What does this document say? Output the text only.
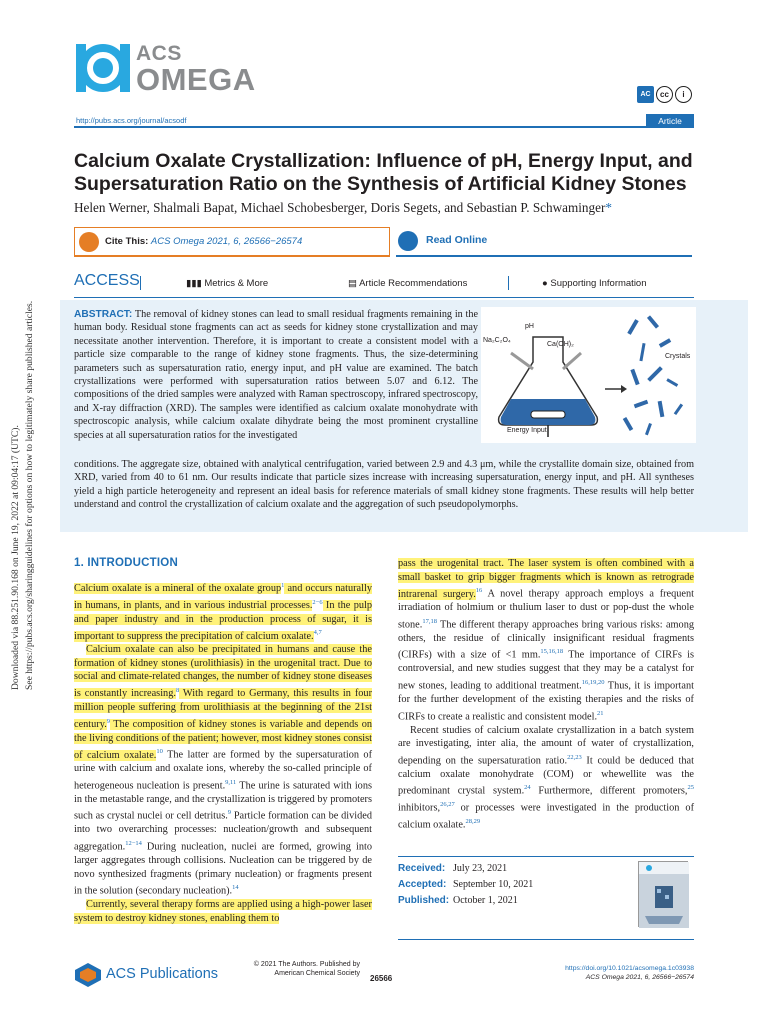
Downloaded via 88.251.90.168 on June 19, 2022 at 09:04:17 (UTC). See https://pubs.acs.org/sharingguidelines for options on how to legitimately share published articles.
ACS
OMEGA	AC	cc	i
http://pubs.acs.org/journal/acsodf	Article
Calcium Oxalate Crystallization: Influence of pH, Energy Input, and Supersaturation Ratio on the Synthesis of Artificial Kidney Stones
Helen Werner, Shalmali Bapat, Michael Schobesberger, Doris Segets, and Sebastian P. Schwaminger*
Cite This: ACS Omega 2021, 6, 26566−26574	Read Online
ACCESS	▮▮▮ Metrics & More	▤ Article Recommendations	● Supporting Information
ABSTRACT: The removal of kidney stones can lead to small residual fragments remaining in the human body. Residual stone fragments can act as seeds for kidney stone crystallization and may necessitate another intervention. Therefore, it is important to create a consistent model with a particle size comparable to the range of kidney stone fragments. Thus, the size-determining parameters such as supersaturation ratio, energy input, and pH value are examined. The batch crystallizations were performed with supersaturation ratios between 5.07 and 6.12. The compositions of the dried samples were analyzed with Raman spectroscopy, infrared spectroscopy, and X-ray diffraction (XRD). The samples were identified as calcium oxalate monohydrate with spectroscopic analysis, while calcium oxalate dihydrate being the most prominent crystalline species at all supersaturation ratios for the investigated
pH
Na₂C₂O₄
Ca(OH)₂
Crystals
Energy Input
conditions. The aggregate size, obtained with analytical centrifugation, varied between 2.9 and 4.3 μm, while the crystallite domain size, obtained from XRD, varied from 40 to 61 nm. Our results indicate that particle sizes increase with increasing supersaturation, energy input, and pH. All syntheses yield a high particle heterogeneity and represent an ideal basis for reference materials of small kidney stone fragments. These results will help better understand and control the crystallization of calcium oxalate and the aggregation of such pseudopolymorphs.
1. INTRODUCTION

Calcium oxalate is a mineral of the oxalate group$^1$ and occurs naturally in humans, in plants, and in various industrial processes.$^{2-6}$ In the pulp and paper industry and in the production process of sugar, it is important to suppress the precipitation of calcium oxalate.$^{4,7}$

Calcium oxalate can also be precipitated in humans and cause the formation of kidney stones (urolithiasis) in the urogenital tract. Due to social and climate-related changes, the number of kidney stone diseases is constantly increasing.$^8$ With regard to Germany, this results in four million people suffering from urolithiasis at the beginning of the 21st century.$^9$ The composition of kidney stones is variable and depends on the living conditions of the patient; however, most kidney stones consist of calcium oxalate.$^{10}$ The latter are formed by the supersaturation of urine with calcium and oxalate ions, whereby the so-called principle of heterogeneous nucleation is present.$^{9,11}$ The urine is saturated with ions in the metastable range, and the crystallization is triggered by promoters such as crystal nuclei or cell detritus.$^9$ Particle formation can be divided into two overarching processes: nucleation/growth and subsequent aggregation.$^{12-14}$ During nucleation, nuclei are formed, growing into larger aggregates through collisions. Nucleation can be triggered by de novo synthesized fragments (primary nucleation) or fragments present in the solution (secondary nucleation).$^{14}$

Currently, several therapy forms are applied using a high-power laser system to destroy kidney stones, enabling them to

pass the urogenital tract. The laser system is often combined with a small basket to grip bigger fragments which is known as retrograde intrarenal surgery.$^{16}$ A novel therapy approach employs a frequent irradiation of holmium or thulium laser to dust or pop-dust the whole stone.$^{17,18}$ The different therapy approaches bring various risks: among others, the residue of clinically insignificant residual fragments (CIRFs) with a size of <1 mm.$^{15,16,18}$ The importance of CIRFs is controversial, and new studies suggest that they may be a catalyst for new stones, leading to additional treatment.$^{16,19,20}$ Thus, it is important for the further development of the existing therapies and the risks of CIRFs to create a realistic and consistent model.$^{21}$

Recent studies of calcium oxalate crystallization in a batch system are investigating, inter alia, the amount of water of crystallization, depending on the supersaturation ratio.$^{22,23}$ It could be deduced that calcium oxalate monohydrate (COM) or whewellite was the predominant crystal system.$^{24}$ Furthermore, different promoters,$^{25}$ inhibitors,$^{26,27}$ or processes were investigated in the production of calcium oxalate.$^{28,29}$

Received: July 23, 2021
Accepted: September 10, 2021
Published: October 1, 2021
ACS Publications
© 2021 The Authors. Published by
American Chemical Society
26566
https://doi.org/10.1021/acsomega.1c03938
ACS Omega 2021, 6, 26566−26574
